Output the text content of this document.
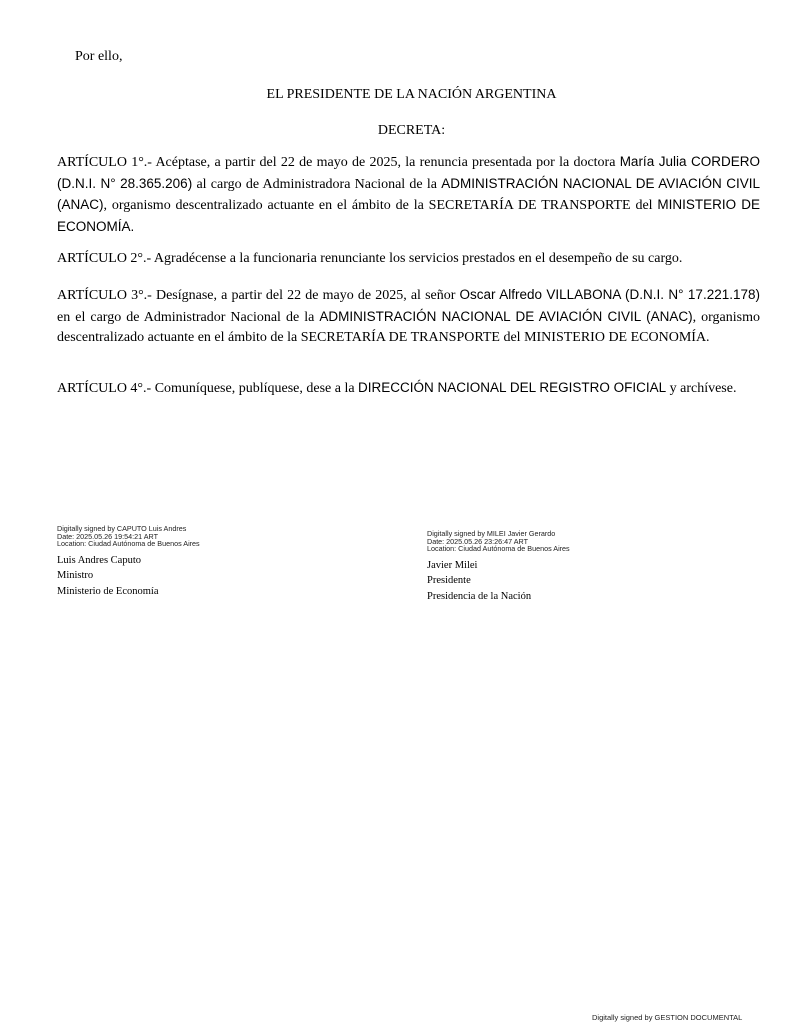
Por ello,
EL PRESIDENTE DE LA NACIÓN ARGENTINA
DECRETA:
ARTÍCULO 1°.- Acéptase, a partir del 22 de mayo de 2025, la renuncia presentada por la doctora María Julia CORDERO (D.N.I. N° 28.365.206) al cargo de Administradora Nacional de la ADMINISTRACIÓN NACIONAL DE AVIACIÓN CIVIL (ANAC), organismo descentralizado actuante en el ámbito de la SECRETARÍA DE TRANSPORTE del MINISTERIO DE ECONOMÍA.
ARTÍCULO 2°.- Agradécense a la funcionaria renunciante los servicios prestados en el desempeño de su cargo.
ARTÍCULO 3°.- Desígnase, a partir del 22 de mayo de 2025, al señor Oscar Alfredo VILLABONA (D.N.I. N° 17.221.178) en el cargo de Administrador Nacional de la ADMINISTRACIÓN NACIONAL DE AVIACIÓN CIVIL (ANAC), organismo descentralizado actuante en el ámbito de la SECRETARÍA DE TRANSPORTE del MINISTERIO DE ECONOMÍA.
ARTÍCULO 4°.- Comuníquese, publíquese, dese a la DIRECCIÓN NACIONAL DEL REGISTRO OFICIAL y archívese.
Digitally signed by CAPUTO Luis Andres
Date: 2025.05.26 19:54:21 ART
Location: Ciudad Autónoma de Buenos Aires
Luis Andres Caputo
Ministro
Ministerio de Economía
Digitally signed by MILEI Javier Gerardo
Date: 2025.05.26 23:26:47 ART
Location: Ciudad Autónoma de Buenos Aires
Javier Milei
Presidente
Presidencia de la Nación
Digitally signed by GESTION DOCUMENTAL
